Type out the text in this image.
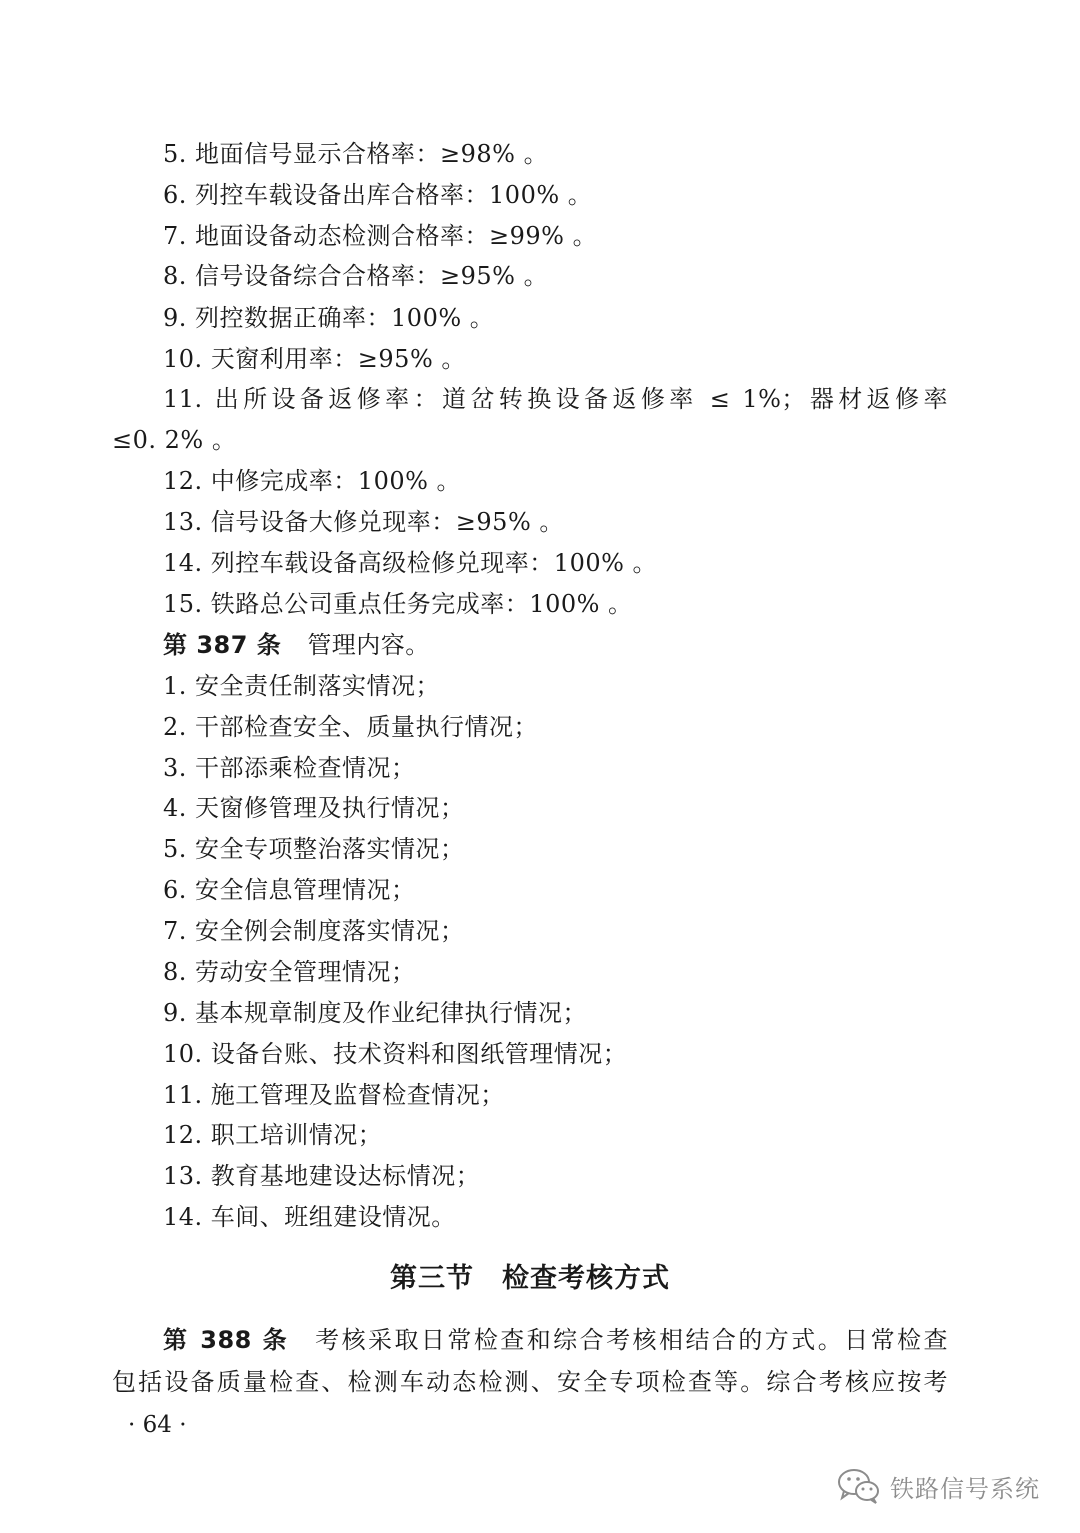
5. 地面信号显示合格率：≥98% 。
6. 列控车载设备出库合格率：100% 。
7. 地面设备动态检测合格率：≥99% 。
8. 信号设备综合合格率：≥95% 。
9. 列控数据正确率：100% 。
10. 天窗利用率：≥95% 。
11. 出所设备返修率：道岔转换设备返修率 ≤ 1%；器材返修率
≤0. 2% 。
12. 中修完成率：100% 。
13. 信号设备大修兑现率：≥95% 。
14. 列控车载设备高级检修兑现率：100% 。
15. 铁路总公司重点任务完成率：100% 。
第 387 条 管理内容。
1. 安全责任制落实情况；
2. 干部检查安全、质量执行情况；
3. 干部添乘检查情况；
4. 天窗修管理及执行情况；
5. 安全专项整治落实情况；
6. 安全信息管理情况；
7. 安全例会制度落实情况；
8. 劳动安全管理情况；
9. 基本规章制度及作业纪律执行情况；
10. 设备台账、技术资料和图纸管理情况；
11. 施工管理及监督检查情况；
12. 职工培训情况；
13. 教育基地建设达标情况；
14. 车间、班组建设情况。
第三节　检查考核方式
第 388 条 考核采取日常检查和综合考核相结合的方式。日常检查
包括设备质量检查、检测车动态检测、安全专项检查等。综合考核应按考
· 64 ·
铁路信号系统
